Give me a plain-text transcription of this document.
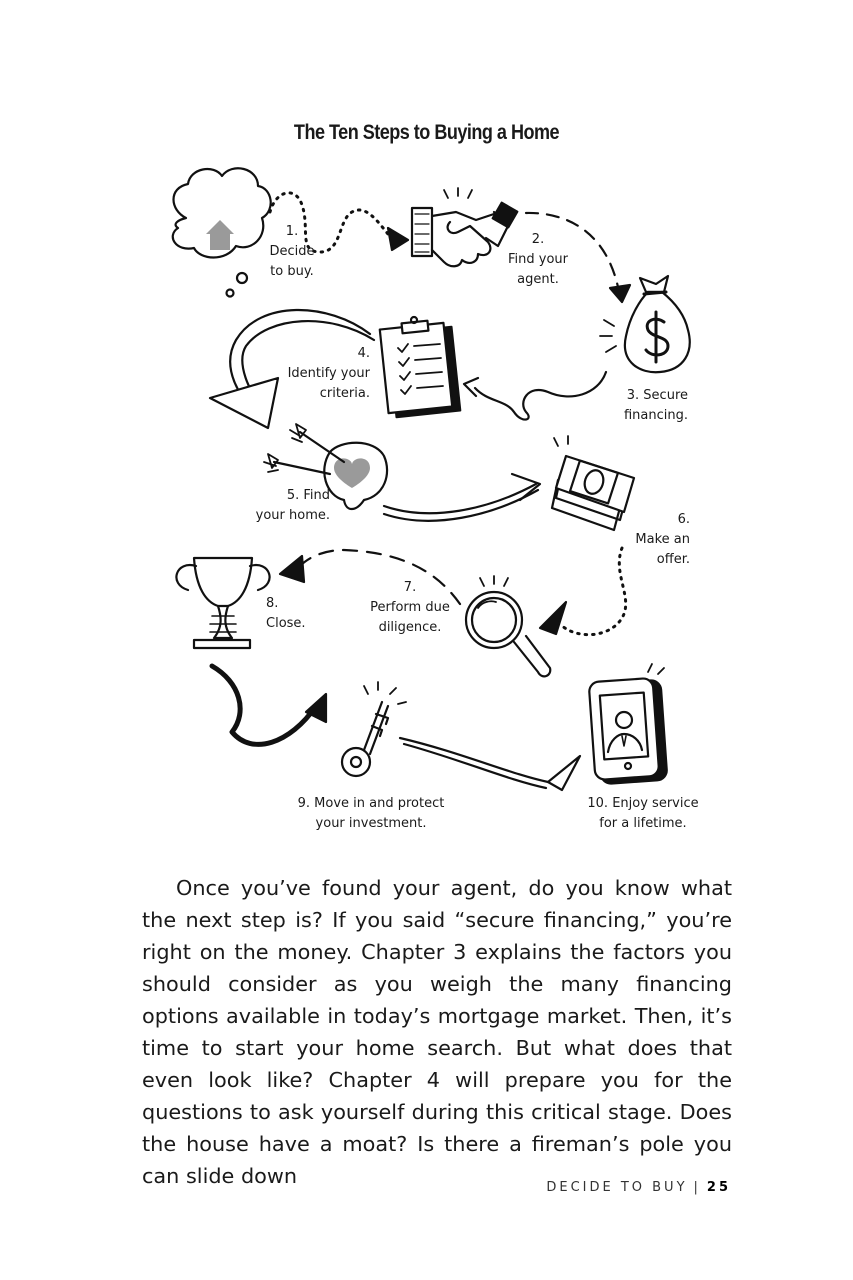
The Ten Steps to Buying a Home
1.
Decide
to buy.
2.
Find your
agent.
3. Secure
financing.
4.
Identify your
criteria.
5. Find
your home.	6.
Make an
offer.
7.
Perform due
diligence.
8.
Close.
9. Move in and protect
your investment.
10. Enjoy service
for a lifetime.

Once you’ve found your agent, do you know what the next step is? If you said “secure financing,” you’re right on the money. Chapter 3 explains the factors you should consider as you weigh the many financing options available in today’s mortgage market. Then, it’s time to start your home search. But what does that even look like? Chapter 4 will prepare you for the questions to ask yourself during this critical stage. Does the house have a moat? Is there a fireman’s pole you can slide down	DECIDE TO BUY | 25
